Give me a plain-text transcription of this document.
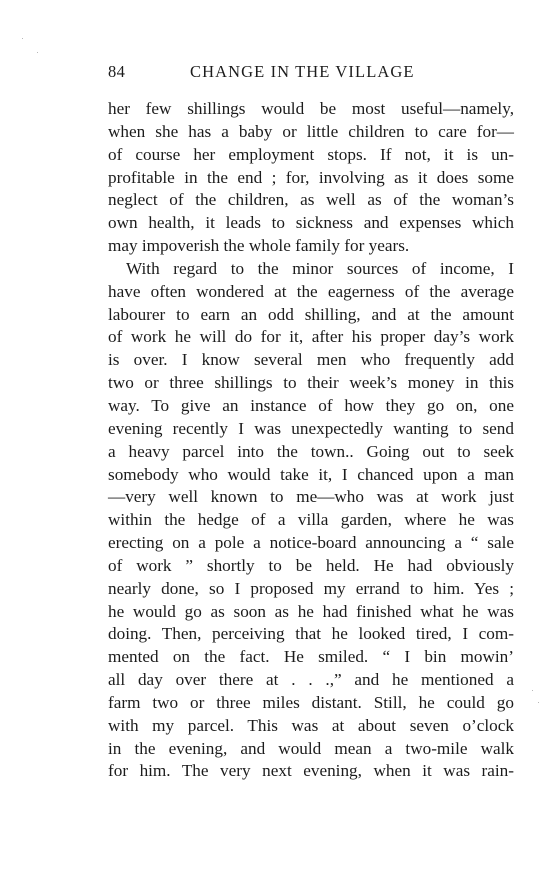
84	CHANGE IN THE VILLAGE
her few shillings would be most useful—namely,
when she has a baby or little children to care for—
of course her employment stops. If not, it is un-
profitable in the end ; for, involving as it does some
neglect of the children, as well as of the woman’s
own health, it leads to sickness and expenses which
may impoverish the whole family for years.
With regard to the minor sources of income, I
have often wondered at the eagerness of the average
labourer to earn an odd shilling, and at the amount
of work he will do for it, after his proper day’s work
is over. I know several men who frequently add
two or three shillings to their week’s money in this
way. To give an instance of how they go on, one
evening recently I was unexpectedly wanting to send
a heavy parcel into the town.. Going out to seek
somebody who would take it, I chanced upon a man
—very well known to me—who was at work just
within the hedge of a villa garden, where he was
erecting on a pole a notice-board announcing a “ sale
of work ” shortly to be held. He had obviously
nearly done, so I proposed my errand to him. Yes ;
he would go as soon as he had finished what he was
doing. Then, perceiving that he looked tired, I com-
mented on the fact. He smiled. “ I bin mowin’
all day over there at . . .,” and he mentioned a
farm two or three miles distant. Still, he could go
with my parcel. This was at about seven o’clock
in the evening, and would mean a two-mile walk
for him. The very next evening, when it was rain-
